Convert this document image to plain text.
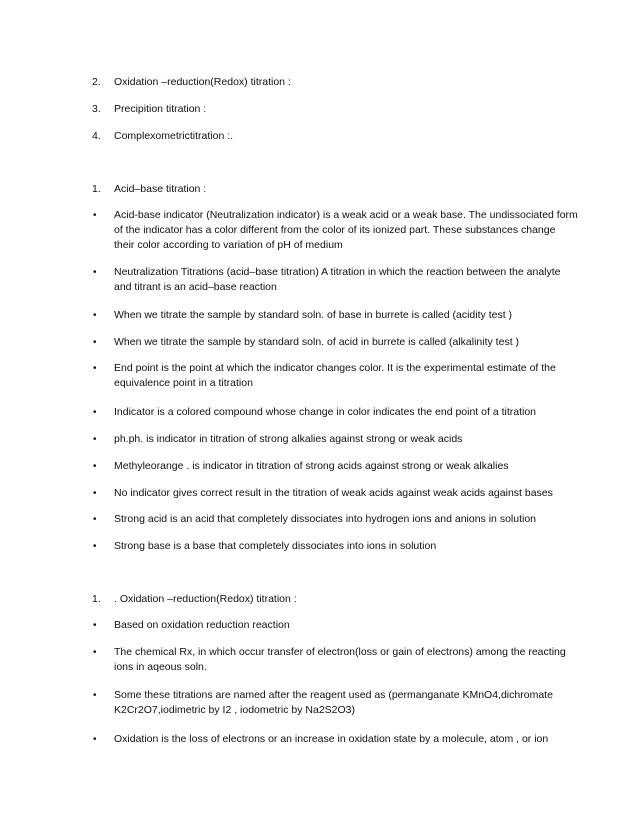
2.	Oxidation –reduction(Redox) titration :
3.	Precipition titration :
4.	Complexometrictitration :.
1.	Acid–base titration :
•	Acid-base indicator (Neutralization indicator) is a weak acid or a weak base. The undissociated form of the indicator has a color different from the color of its ionized part. These substances change their color according to variation of pH of medium
•	Neutralization Titrations (acid–base titration) A titration in which the reaction between the analyte and titrant is an acid–base reaction
•	When we titrate the sample by standard soln. of base in burrete is called (acidity test )
•	When we titrate the sample by standard soln. of acid in burrete is called (alkalinity test )
•	End point is the point at which the indicator changes color. It is the experimental estimate of the equivalence point in a titration
•	Indicator is a colored compound whose change in color indicates the end point of a titration
•	ph.ph. is indicator in titration of strong alkalies against strong or weak acids
•	Methyleorange . is indicator in titration of strong acids against strong or weak alkalies
•	No indicator gives correct result in the titration of weak acids against weak acids against bases
•	Strong acid is an acid that completely dissociates into hydrogen ions and anions in solution
•	Strong base is a base that completely dissociates into ions in solution
1.	. Oxidation –reduction(Redox) titration :
•	Based on oxidation reduction reaction
•	The chemical Rx, in which occur transfer of electron(loss or gain of electrons) among the reacting ions in aqeous soln.
•	Some these titrations are named after the reagent used as (permanganate KMnO4,dichromate K2Cr2O7,iodimetric by I2 , iodometric by Na2S2O3)
•	Oxidation is the loss of electrons or an increase in oxidation state by a molecule, atom , or ion
